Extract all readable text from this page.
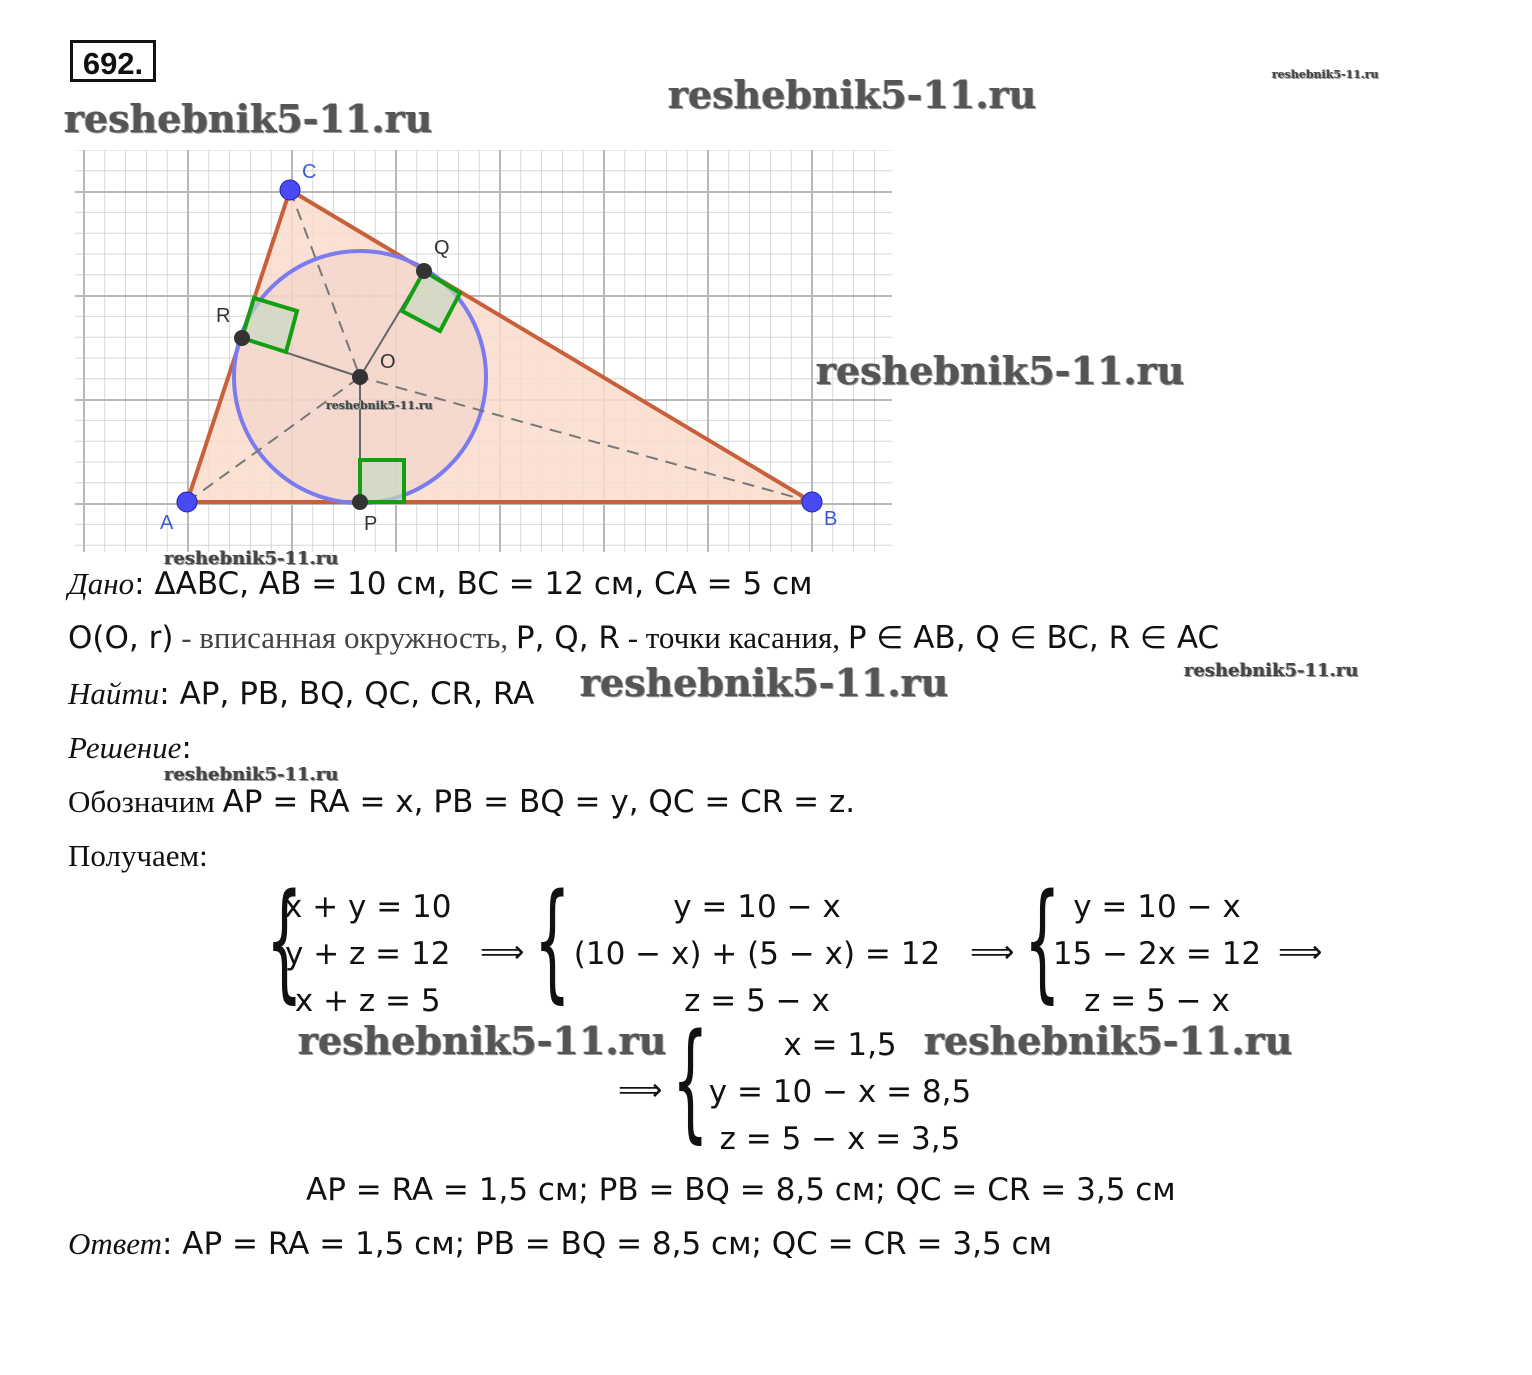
692.
reshebnik5-11.ru
reshebnik5-11.ru	reshebnik5-11.ru
A	B
C
O
P
Q
R
reshebnik5-11.ru
reshebnik5-11.ru
reshebnik5-11.ru
Дано: ΔABC, AB = 10 см, BC = 12 см, CA = 5 см
O(O, r) - вписанная окружность, P, Q, R - точки касания, P ∈ AB, Q ∈ BC, R ∈ AC
reshebnik5-11.ru
Найти: AP, PB, BQ, QC, CR, RA reshebnik5-11.ru
Решение:
reshebnik5-11.ru
Обозначим AP = RA = x, PB = BQ = y, QC = CR = z.
Получаем:
{
x + y = 10
y + z = 12
x + z = 5
⟹ {	y = 10 − x
(10 − x) + (5 − x) = 12
z = 5 − x
⟹ { y = 10 − x
15 − 2x = 12
z = 5 − x
⟹
reshebnik5-11.ru	reshebnik5-11.ru
⟹ {	x = 1,5
y = 10 − x = 8,5
z = 5 − x = 3,5
AP = RA = 1,5 см; PB = BQ = 8,5 см; QC = CR = 3,5 см
Ответ: AP = RA = 1,5 см; PB = BQ = 8,5 см; QC = CR = 3,5 см
